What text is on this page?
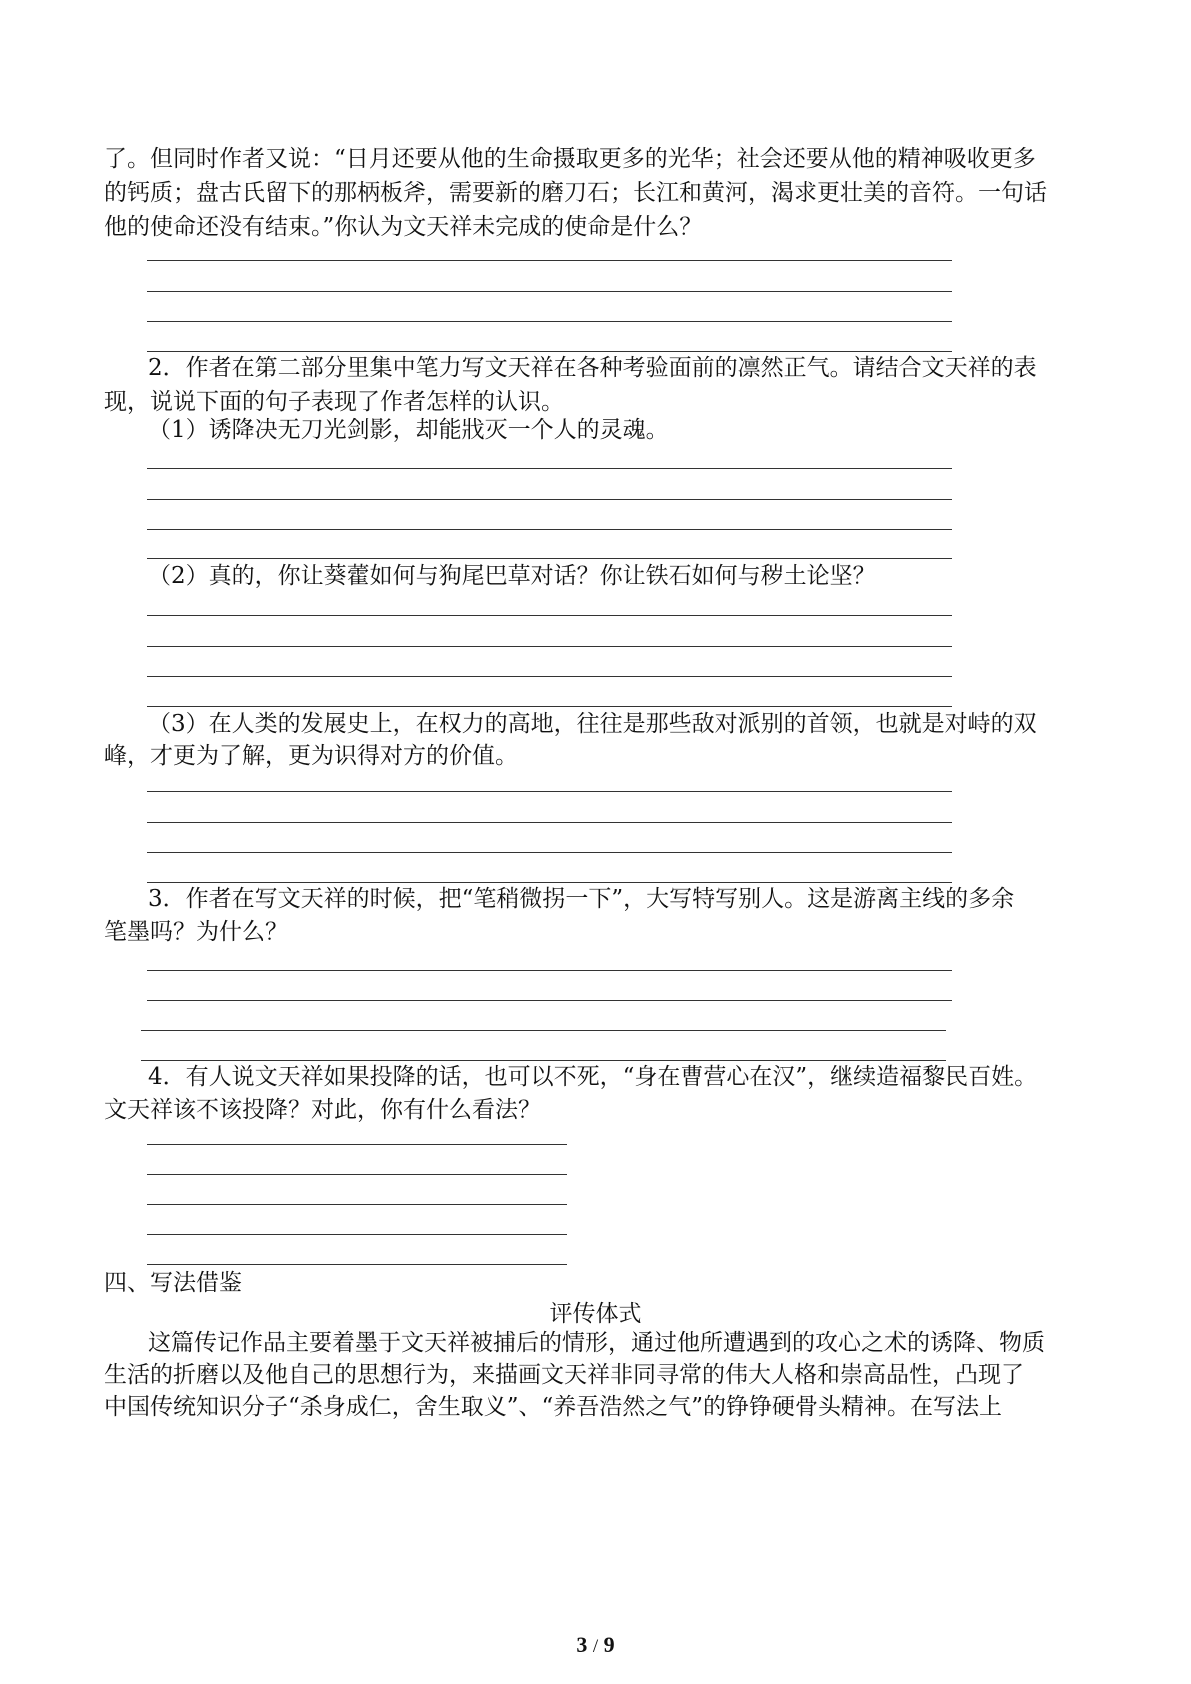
了。但同时作者又说：“日月还要从他的生命摄取更多的光华；社会还要从他的精神吸收更多
的钙质；盘古氏留下的那柄板斧，需要新的磨刀石；长江和黄河，渴求更壮美的音符。一句话
他的使命还没有结束。”你认为文天祥未完成的使命是什么？
2．作者在第二部分里集中笔力写文天祥在各种考验面前的凛然正气。请结合文天祥的表
现，说说下面的句子表现了作者怎样的认识。
（1）诱降决无刀光剑影，却能戕灭一个人的灵魂。
（2）真的，你让葵藿如何与狗尾巴草对话？你让铁石如何与秽土论坚？
（3）在人类的发展史上，在权力的高地，往往是那些敌对派别的首领，也就是对峙的双
峰，才更为了解，更为识得对方的价值。
3．作者在写文天祥的时候，把“笔稍微拐一下”，大写特写别人。这是游离主线的多余
笔墨吗？为什么？
4．有人说文天祥如果投降的话，也可以不死，“身在曹营心在汉”，继续造福黎民百姓。
文天祥该不该投降？对此，你有什么看法？
四、写法借鉴
评传体式
这篇传记作品主要着墨于文天祥被捕后的情形，通过他所遭遇到的攻心之术的诱降、物质
生活的折磨以及他自己的思想行为，来描画文天祥非同寻常的伟大人格和崇高品性，凸现了
中国传统知识分子“杀身成仁，舍生取义”、“养吾浩然之气”的铮铮硬骨头精神。在写法上
3 / 9
